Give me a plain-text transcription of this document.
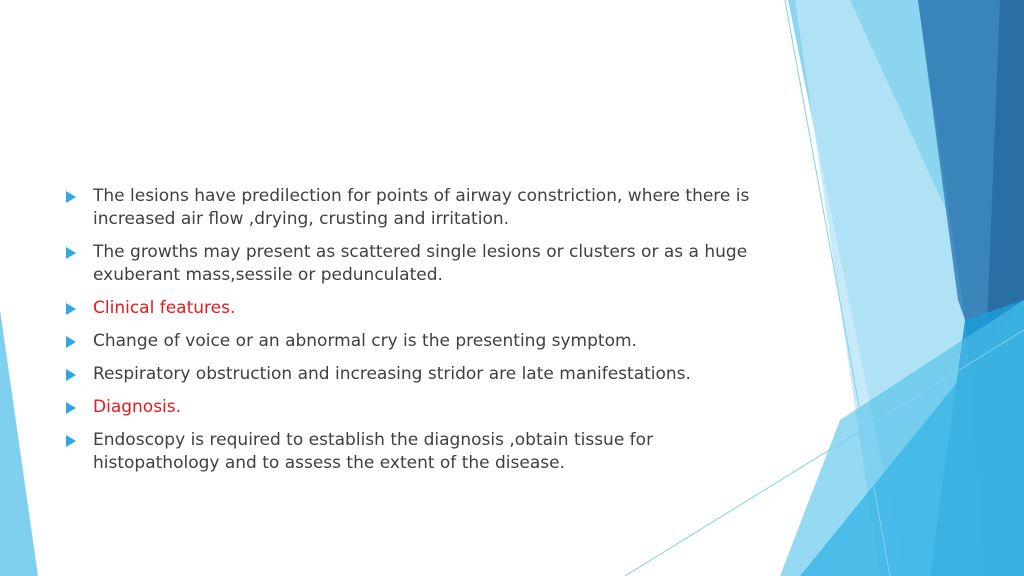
The lesions have predilection for points of airway constriction, where there is increased air flow ,drying, crusting and irritation.
The growths may present as scattered single lesions or clusters or as a huge exuberant mass,sessile or pedunculated.
Clinical features.
Change of voice or an abnormal cry is the presenting symptom.
Respiratory obstruction and increasing stridor are late manifestations.
Diagnosis.
Endoscopy is required to establish the diagnosis ,obtain tissue for histopathology and to assess the extent of the disease.
